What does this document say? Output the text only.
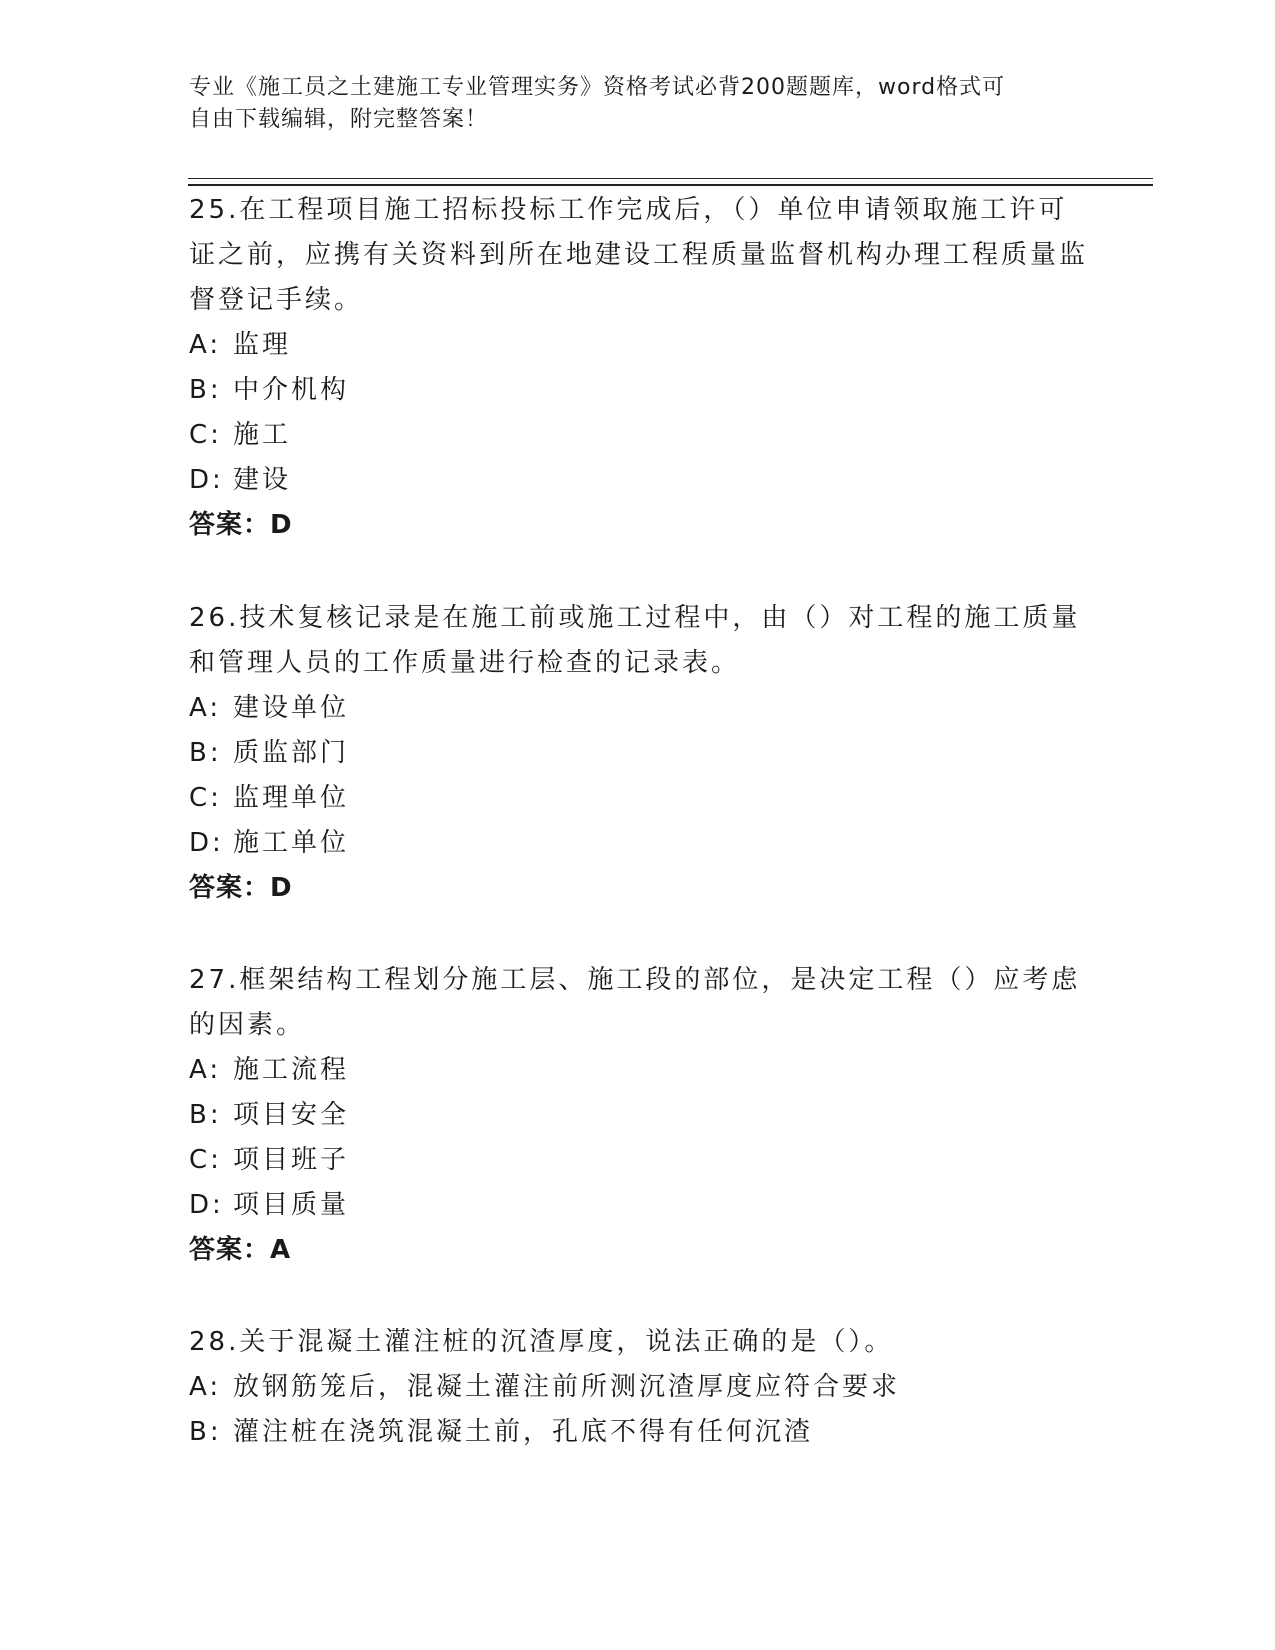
专业《施工员之土建施工专业管理实务》资格考试必背200题题库，word格式可
自由下载编辑，附完整答案！

25.在工程项目施工招标投标工作完成后，（）单位申请领取施工许可证之前，应携有关资料到所在地建设工程质量监督机构办理工程质量监督登记手续。

A: 监理
B: 中介机构
C: 施工
D: 建设

答案：D

26.技术复核记录是在施工前或施工过程中，由（）对工程的施工质量和管理人员的工作质量进行检查的记录表。

A: 建设单位
B: 质监部门
C: 监理单位
D: 施工单位

答案：D

27.框架结构工程划分施工层、施工段的部位，是决定工程（）应考虑的因素。

A: 施工流程
B: 项目安全
C: 项目班子
D: 项目质量

答案：A

28.关于混凝土灌注桩的沉渣厚度，说法正确的是（）。

A: 放钢筋笼后，混凝土灌注前所测沉渣厚度应符合要求
B: 灌注桩在浇筑混凝土前，孔底不得有任何沉渣
